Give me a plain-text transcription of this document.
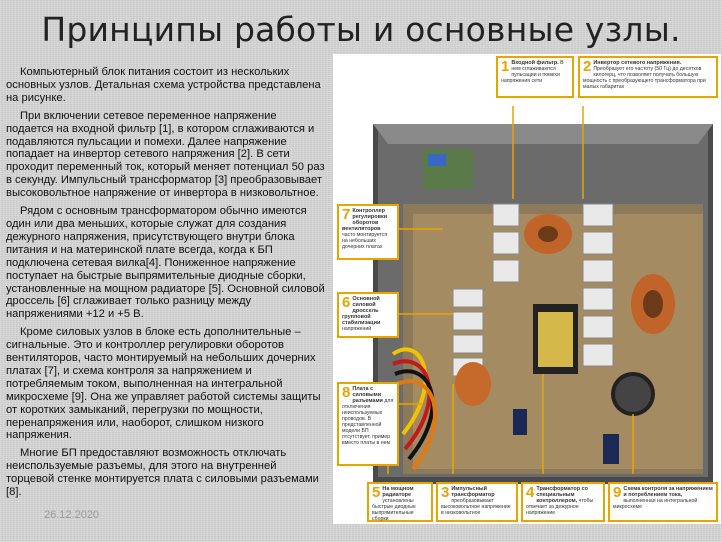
Принципы работы и основные узлы.

Компьютерный блок питания состоит из нескольких основных узлов. Детальная схема устройства представлена на рисунке.

При включении сетевое переменное напряжение подается на входной фильтр [1], в котором сглаживаются и подавляются пульсации и помехи. Далее напряжение попадает на инвертор сетевого напряжения [2]. В сети проходит переменный ток, который меняет потенциал 50 раз в секунду. Импульсный трансформатор [3] преобразовывает высоковольтное напряжение от инвертора в низковольтное.

Рядом с основным трансформатором обычно имеются один или два меньших, которые служат для создания дежурного напряжения, присутствующего внутри блока питания и на материнской плате всегда, когда к БП подключена сетевая вилка[4]. Пониженное напряжение поступает на быстрые выпрямительные диодные сборки, установленные на мощном радиаторе [5]. Основной силовой дроссель [6] сглаживает только разницу между напряжениями +12 и +5 В.

Кроме силовых узлов в блоке есть дополнительные – сигнальные. Это и контроллер регулировки оборотов вентиляторов, часто монтируемый на небольших дочерних платах [7], и схема контроля за напряжением и потребляемым током, выполненная на интегральной микросхеме [9]. Она же управляет работой системы защиты от коротких замыканий, перегрузки по мощности, перенапряжения или, наоборот, слишком низкого напряжения.

Многие БП предоставляют возможность отключать неиспользуемые разъемы, для этого на внутренней торцевой стенке монтируется плата с силовыми разъемами [8].

26.12.2020
1 Входной фильтр. В нем сглаживаются пульсации и помехи напряжения сети
2 Инвертор сетевого напряжения. Преобразует его частоту (50 Гц) до десятков килогерц, что позволяет получать большую мощность с преобразующего трансформатора при малых габаритах
7 Контроллер регулировки оборотов вентиляторов часто монтируется на небольших дочерних платах
6 Основной силовой дроссель групповой стабилизации напряжений
8 Плата с силовыми разъемами для отключения неиспользуемых проводов. В представленной модели БП отсутствует, пример вместо платы в нем
5 На мощном радиаторе установлены быстрые диодные выпрямительные сборки
3 Импульсный трансформатор преобразовывает высоковольтное напряжение в низковольтное
4 Трансформатор со специальным контроллером, чтобы отвечает за дежурное напряжение
9 Схема контроля за напряжением и потреблением тока, выполненная на интегральной микросхеме
